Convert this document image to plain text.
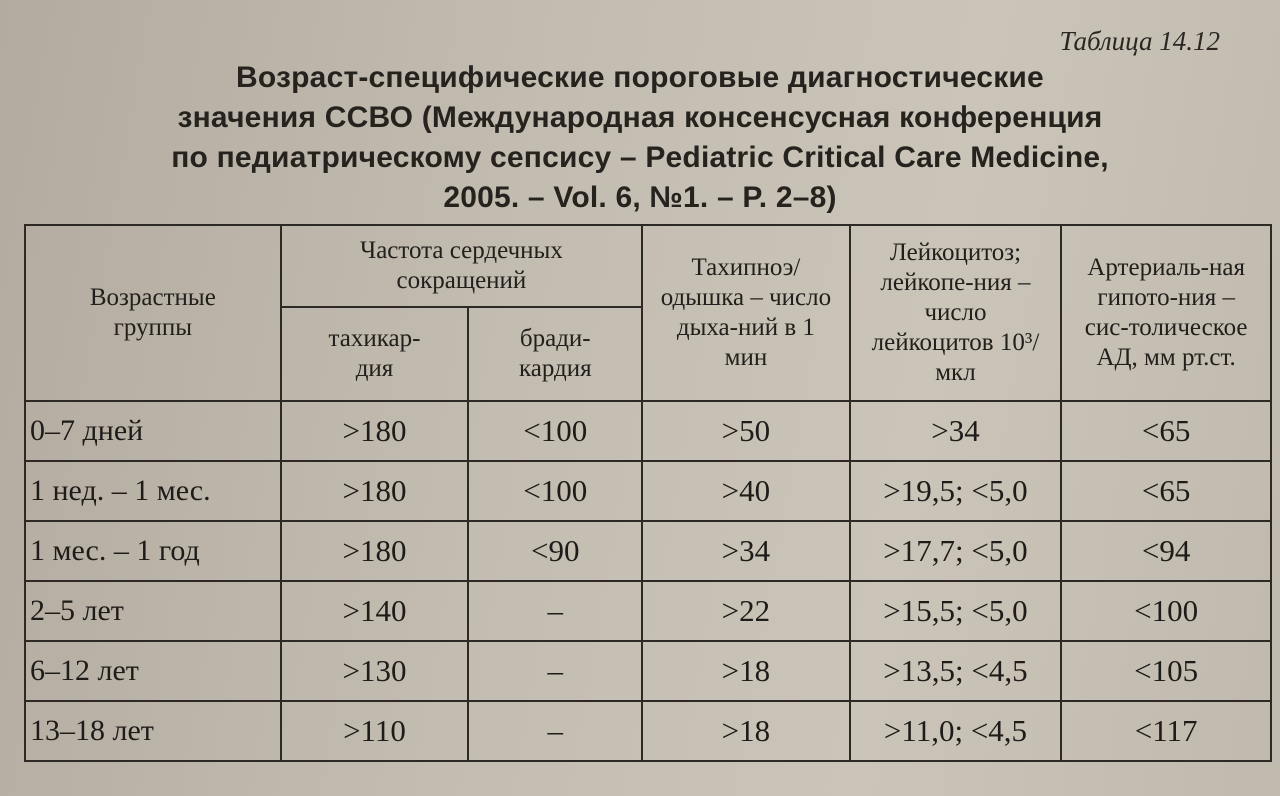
Таблица 14.12
Возраст-специфические пороговые диагностические
значения ССВО (Международная консенсусная конференция
по педиатрическому сепсису – Pediatric Critical Care Medicine,
2005. – Vol. 6, №1. – P. 2–8)
Возрастные группы	Частота сердечных сокращений		Тахипноэ/ одышка – число дыха-ний в 1 мин	Лейкоцитоз; лейкопе-ния – число лейкоцитов 10³/мкл	Артериаль-ная гипото-ния – сис-толическое АД, мм рт.ст.
	тахикар-дия	бради-кардия			
0–7 дней	>180	<100	>50	>34	<65
1 нед. – 1 мес.	>180	<100	>40	>19,5; <5,0	<65
1 мес. – 1 год	>180	<90	>34	>17,7; <5,0	<94
2–5 лет	>140	–	>22	>15,5; <5,0	<100
6–12 лет	>130	–	>18	>13,5; <4,5	<105
13–18 лет	>110	–	>18	>11,0; <4,5	<117
